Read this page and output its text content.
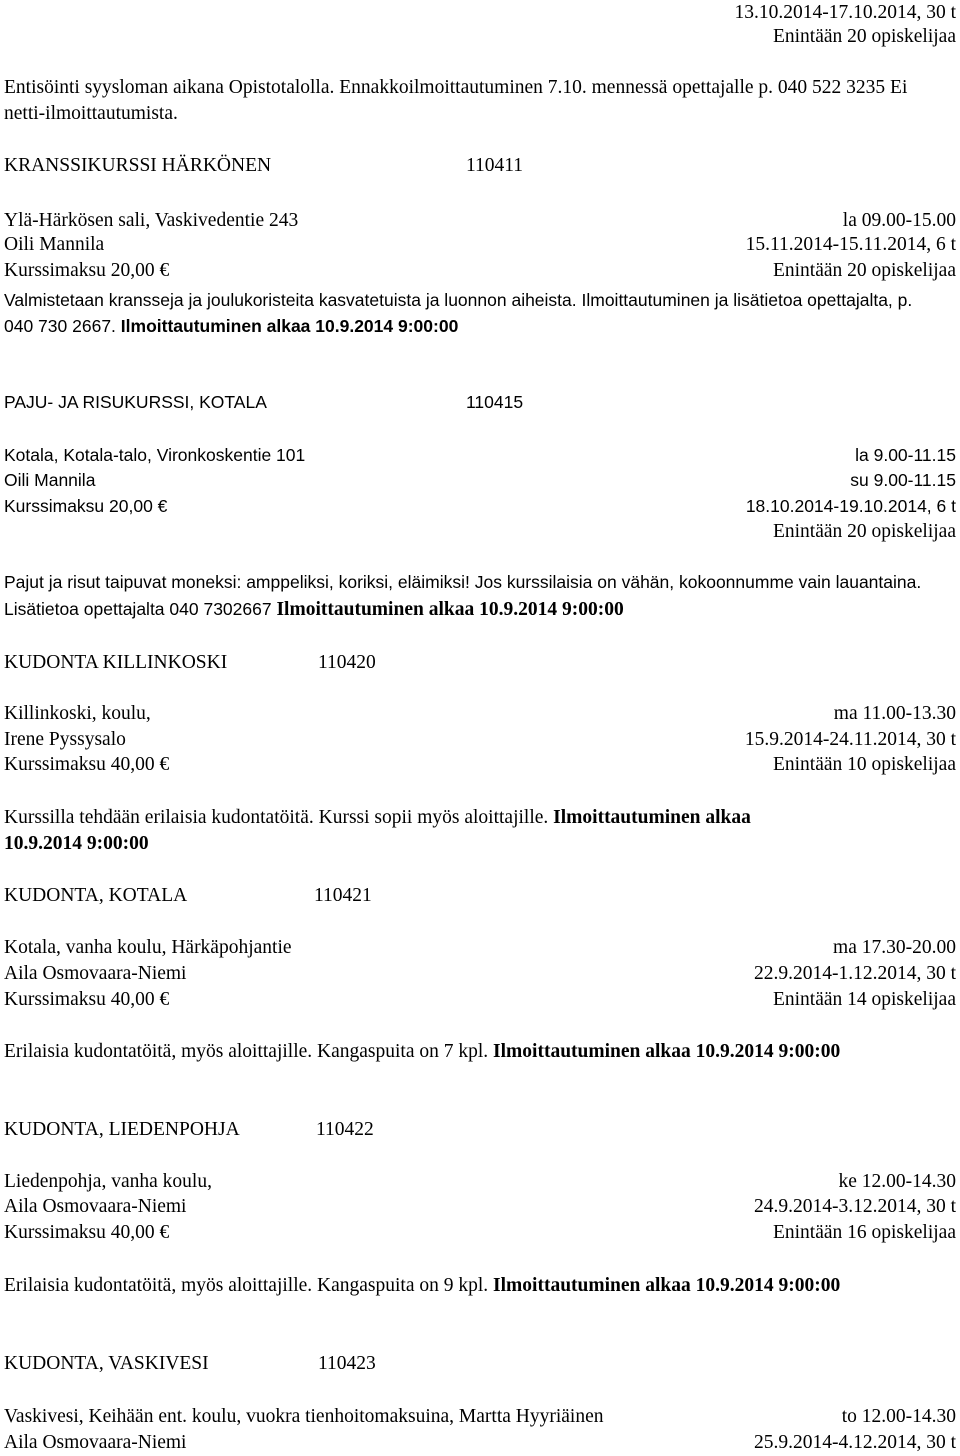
13.10.2014-17.10.2014, 30 t
Enintään 20 opiskelijaa
Entisöinti syysloman aikana Opistotalolla. Ennakkoilmoittautuminen 7.10. mennessä opettajalle p. 040 522 3235 Ei netti-ilmoittautumista.
KRANSSIKURSSI HÄRKÖNEN	110411
Ylä-Härkösen sali, Vaskivedentie 243	la 09.00-15.00
Oili Mannila	15.11.2014-15.11.2014, 6 t
Kurssimaksu 20,00 €	Enintään 20 opiskelijaa
Valmistetaan kransseja ja joulukoristeita kasvatetuista ja luonnon aiheista. Ilmoittautuminen ja lisätietoa opettajalta, p. 040 730 2667. Ilmoittautuminen alkaa 10.9.2014 9:00:00
PAJU- JA RISUKURSSI, KOTALA	110415
Kotala, Kotala-talo, Vironkoskentie 101	la 9.00-11.15
Oili Mannila	su 9.00-11.15
Kurssimaksu 20,00 €	18.10.2014-19.10.2014, 6 t
Enintään 20 opiskelijaa
Pajut ja risut taipuvat moneksi: amppeliksi, koriksi, eläimiksi! Jos kurssilaisia on vähän, kokoonnumme vain lauantaina. Lisätietoa opettajalta 040 7302667 Ilmoittautuminen alkaa 10.9.2014 9:00:00
KUDONTA KILLINKOSKI	110420
Killinkoski, koulu,	ma 11.00-13.30
Irene Pyssysalo	15.9.2014-24.11.2014, 30 t
Kurssimaksu 40,00 €	Enintään 10 opiskelijaa
Kurssilla tehdään erilaisia kudontatöitä. Kurssi sopii myös aloittajille. Ilmoittautuminen alkaa 10.9.2014 9:00:00
KUDONTA, KOTALA	110421
Kotala, vanha koulu, Härkäpohjantie	ma 17.30-20.00
Aila Osmovaara-Niemi	22.9.2014-1.12.2014, 30 t
Kurssimaksu 40,00 €	Enintään 14 opiskelijaa
Erilaisia kudontatöitä, myös aloittajille. Kangaspuita on 7 kpl. Ilmoittautuminen alkaa 10.9.2014 9:00:00
KUDONTA, LIEDENPOHJA	110422
Liedenpohja, vanha koulu,	ke 12.00-14.30
Aila Osmovaara-Niemi	24.9.2014-3.12.2014, 30 t
Kurssimaksu 40,00 €	Enintään 16 opiskelijaa
Erilaisia kudontatöitä, myös aloittajille. Kangaspuita on 9 kpl. Ilmoittautuminen alkaa 10.9.2014 9:00:00
KUDONTA, VASKIVESI	110423
Vaskivesi, Keihään ent. koulu, vuokra tienhoitomaksuina, Martta Hyyriäinen	to 12.00-14.30
Aila Osmovaara-Niemi	25.9.2014-4.12.2014, 30 t
